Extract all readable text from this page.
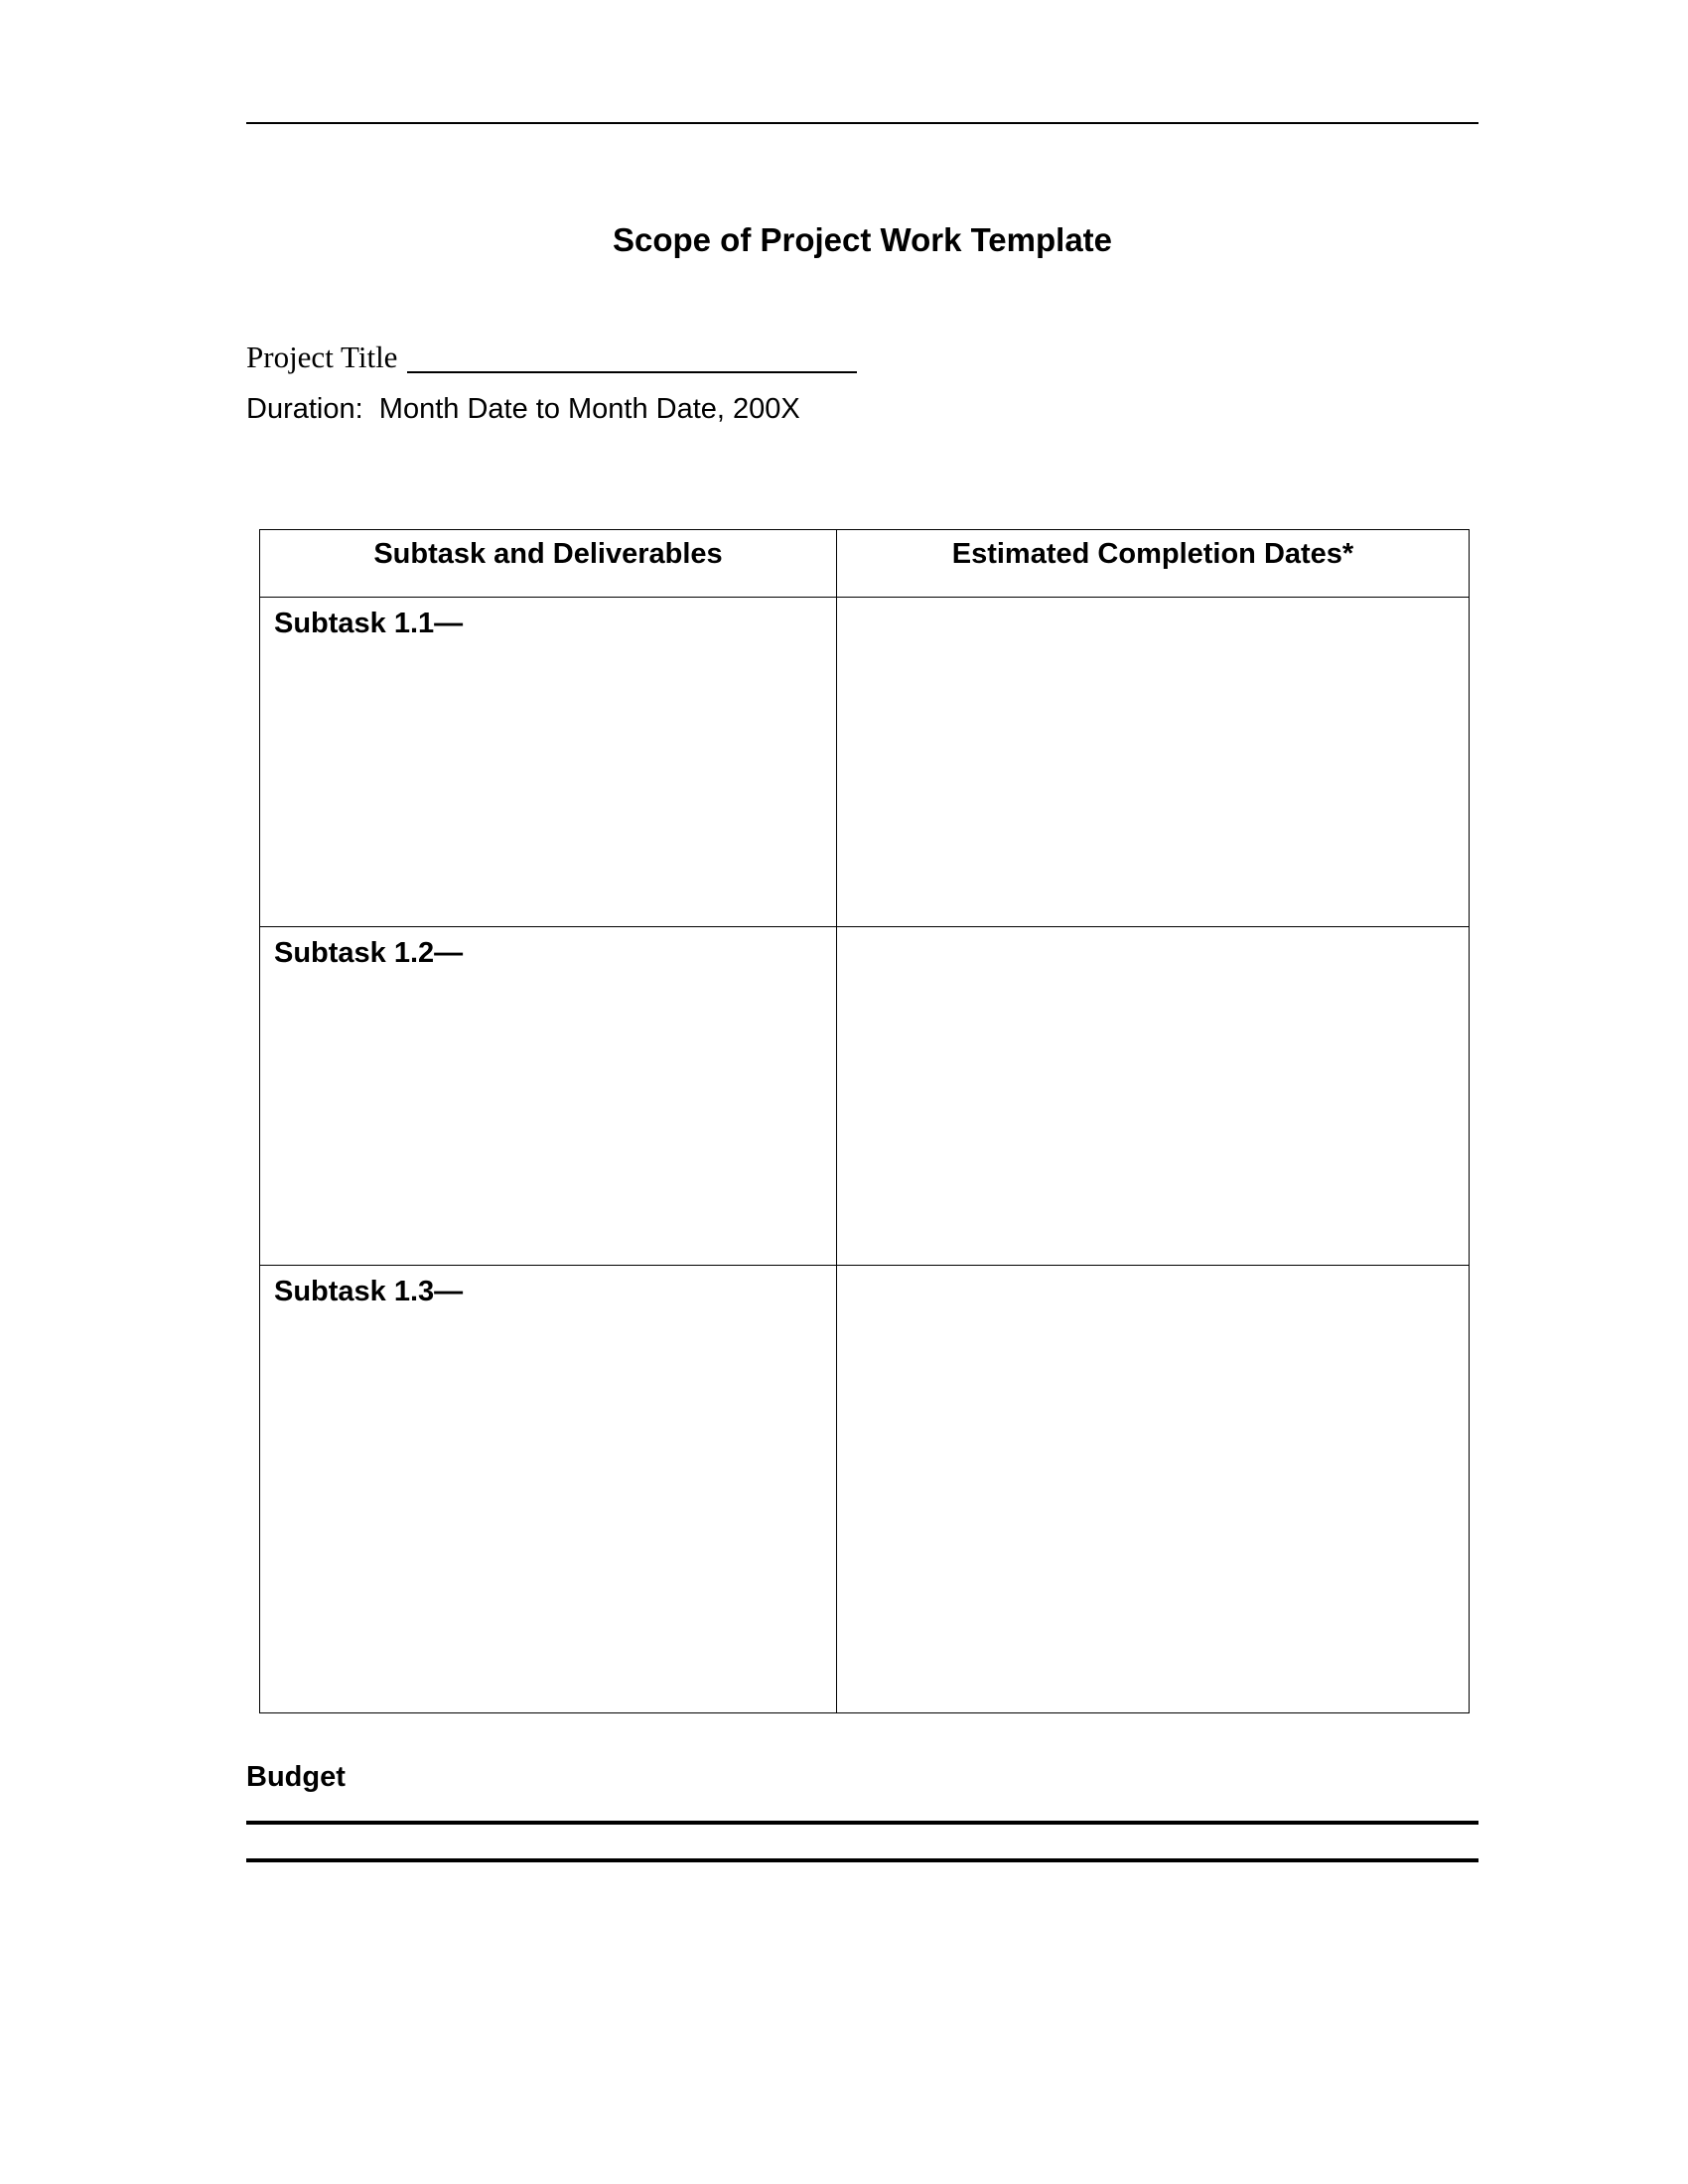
Scope of Project Work Template
Project Title
Duration:  Month Date to Month Date, 200X
Subtask and Deliverables	Estimated Completion Dates*

Subtask 1.1—	

Subtask 1.2—	

Subtask 1.3—	

Budget
